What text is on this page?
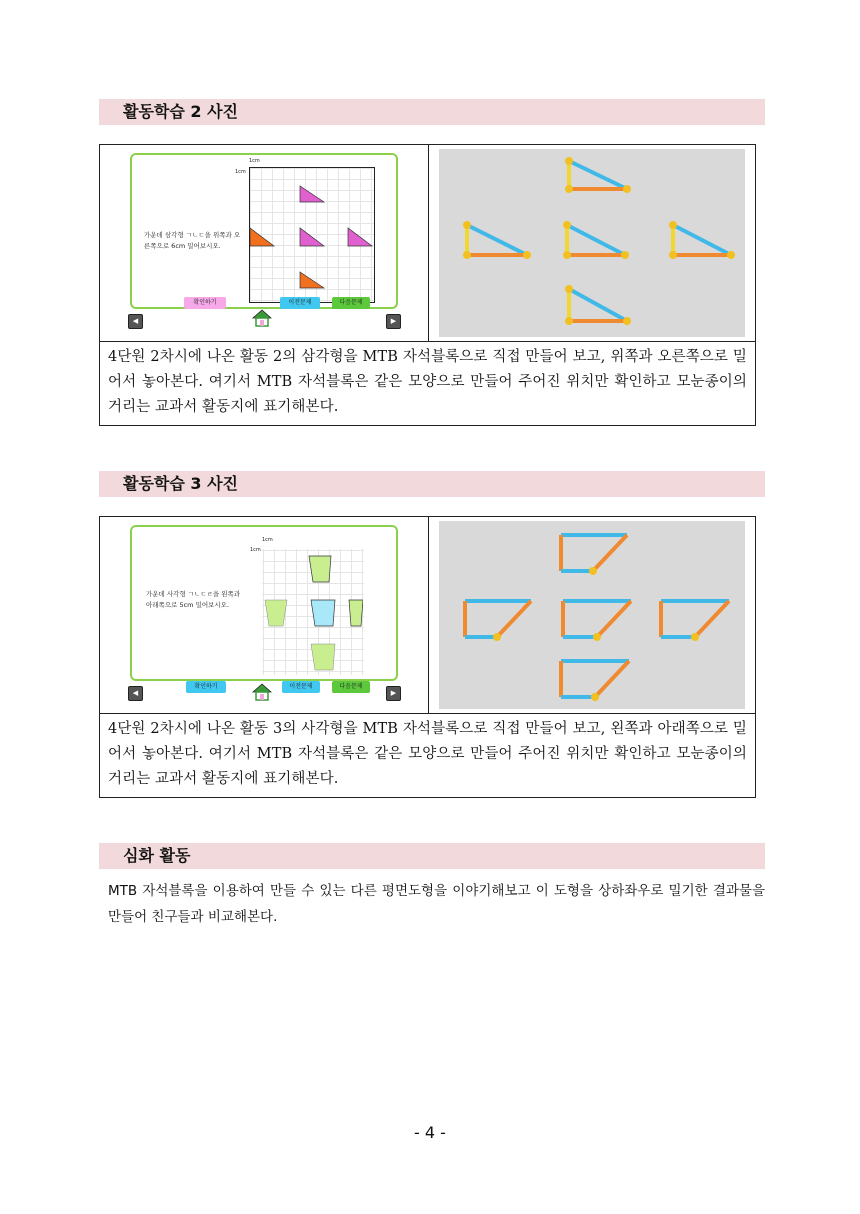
활동학습 2 사진
가운데 삼각형 ㄱㄴㄷ을 위쪽과 오른쪽으로 6cm 밀어보시오.
1cm
1cm
확인하기	이전문제	다음문제
◀	▶
4단원 2차시에 나온 활동 2의 삼각형을 MTB 자석블록으로 직접 만들어 보고, 위쪽과 오른쪽으로 밀어서 놓아본다. 여기서 MTB 자석블록은 같은 모양으로 만들어 주어진 위치만 확인하고 모눈종이의 거리는 교과서 활동지에 표기해본다.
활동학습 3 사진
가운데 사각형 ㄱㄴㄷㄹ을 왼쪽과 아래쪽으로 5cm 밀어보시오.
1cm
1cm
확인하기	이전문제	다음문제
◀	▶
4단원 2차시에 나온 활동 3의 사각형을 MTB 자석블록으로 직접 만들어 보고, 왼쪽과 아래쪽으로 밀어서 놓아본다. 여기서 MTB 자석블록은 같은 모양으로 만들어 주어진 위치만 확인하고 모눈종이의 거리는 교과서 활동지에 표기해본다.
심화 활동
MTB 자석블록을 이용하여 만들 수 있는 다른 평면도형을 이야기해보고 이 도형을 상하좌우로 밀기한 결과물을 만들어 친구들과 비교해본다.
- 4 -
